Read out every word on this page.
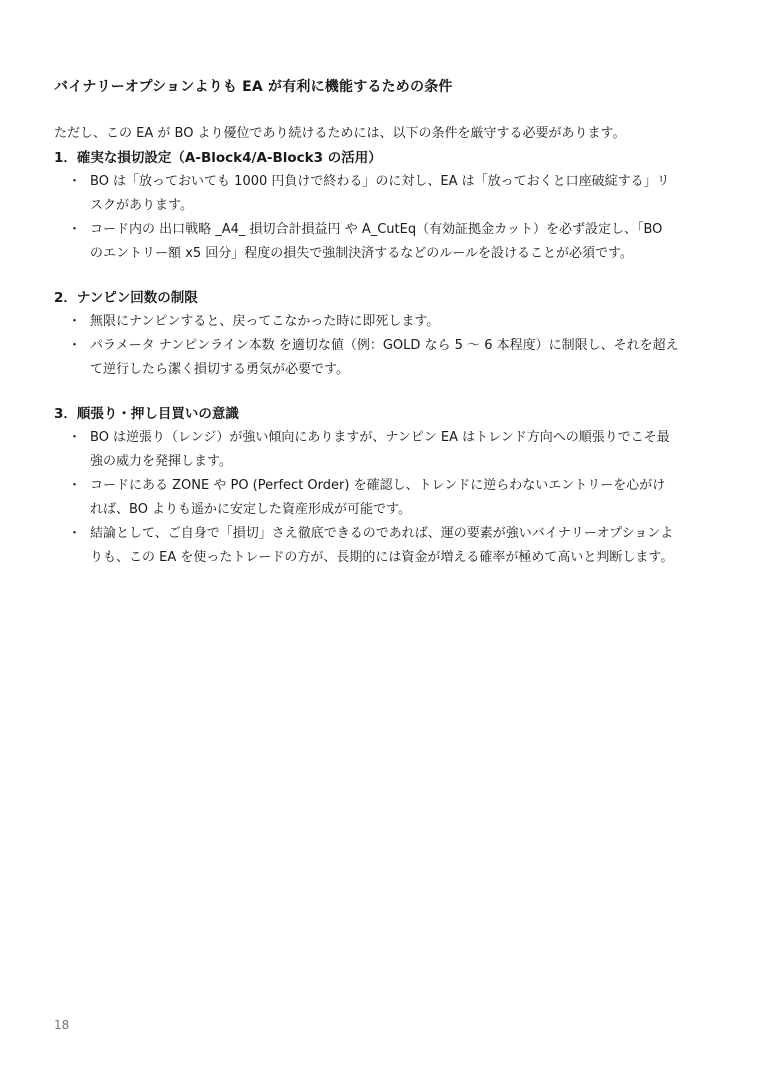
バイナリーオプションよりも EA が有利に機能するための条件
ただし、この EA が BO より優位であり続けるためには、以下の条件を厳守する必要があります。
1．確実な損切設定（A-Block4/A-Block3 の活用）
・ BO は「放っておいても 1000 円負けで終わる」のに対し、EA は「放っておくと口座破綻する」リ
スクがあります。
・ コード内の 出口戦略 _A4_ 損切合計損益円 や A_CutEq（有効証拠金カット）を必ず設定し、「BO
のエントリー額 x5 回分」程度の損失で強制決済するなどのルールを設けることが必須です。
2．ナンピン回数の制限
・ 無限にナンピンすると、戻ってこなかった時に即死します。
・ パラメータ ナンピンライン本数 を適切な値（例：GOLD なら 5 ～ 6 本程度）に制限し、それを超え
て逆行したら潔く損切する勇気が必要です。
3．順張り・押し目買いの意識
・ BO は逆張り（レンジ）が強い傾向にありますが、ナンピン EA はトレンド方向への順張りでこそ最
強の威力を発揮します。
・ コードにある ZONE や PO (Perfect Order) を確認し、トレンドに逆らわないエントリーを心がけ
れば、BO よりも遥かに安定した資産形成が可能です。
・ 結論として、ご自身で「損切」さえ徹底できるのであれば、運の要素が強いバイナリーオプションよ
りも、この EA を使ったトレードの方が、長期的には資金が増える確率が極めて高いと判断します。
18
